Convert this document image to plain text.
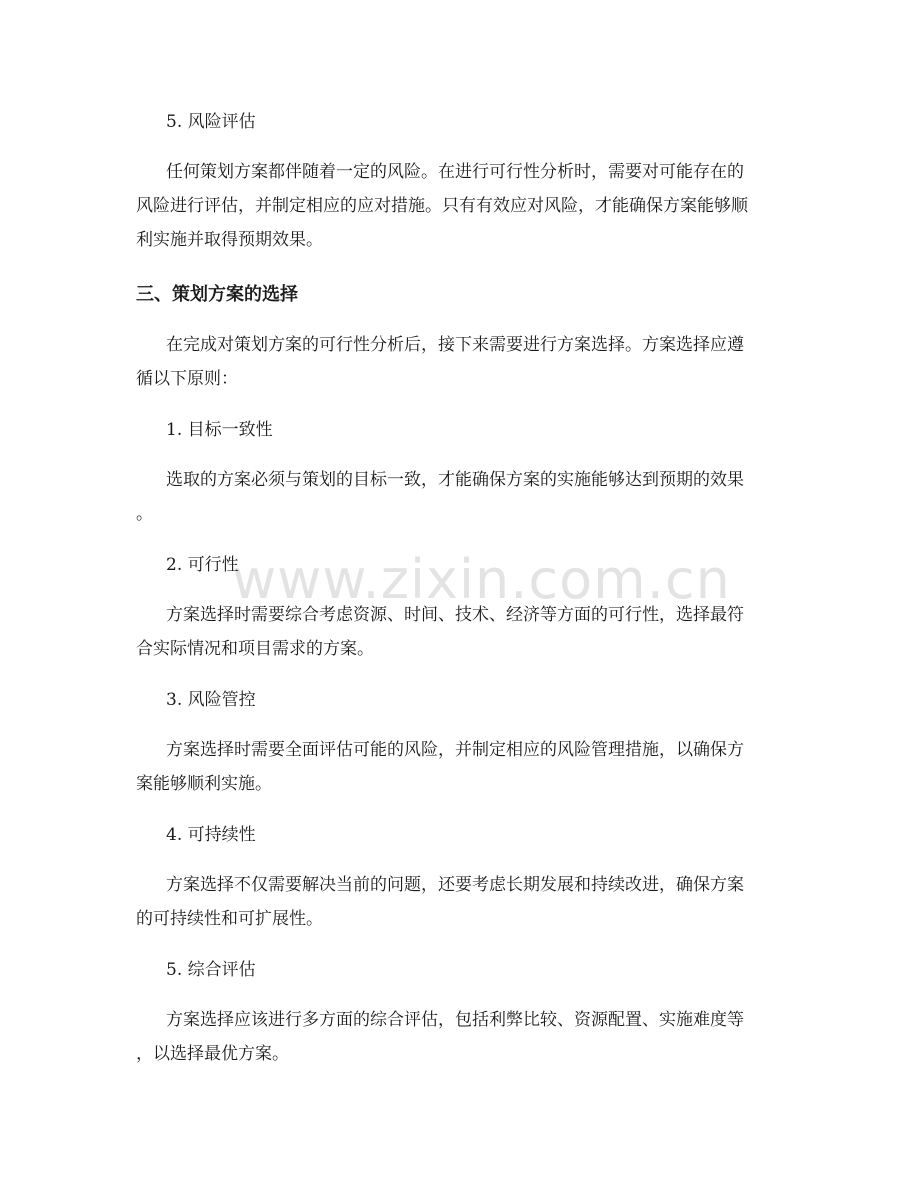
5. 风险评估
任何策划方案都伴随着一定的风险。在进行可行性分析时，需要对可能存在的
风险进行评估，并制定相应的应对措施。只有有效应对风险，才能确保方案能够顺
利实施并取得预期效果。
三、策划方案的选择
在完成对策划方案的可行性分析后，接下来需要进行方案选择。方案选择应遵
循以下原则：
1. 目标一致性
选取的方案必须与策划的目标一致，才能确保方案的实施能够达到预期的效果
。
2. 可行性
方案选择时需要综合考虑资源、时间、技术、经济等方面的可行性，选择最符
合实际情况和项目需求的方案。
3. 风险管控
方案选择时需要全面评估可能的风险，并制定相应的风险管理措施，以确保方
案能够顺利实施。
4. 可持续性
方案选择不仅需要解决当前的问题，还要考虑长期发展和持续改进，确保方案
的可持续性和可扩展性。
5. 综合评估
方案选择应该进行多方面的综合评估，包括利弊比较、资源配置、实施难度等
，以选择最优方案。
www.zixin.com.cn
